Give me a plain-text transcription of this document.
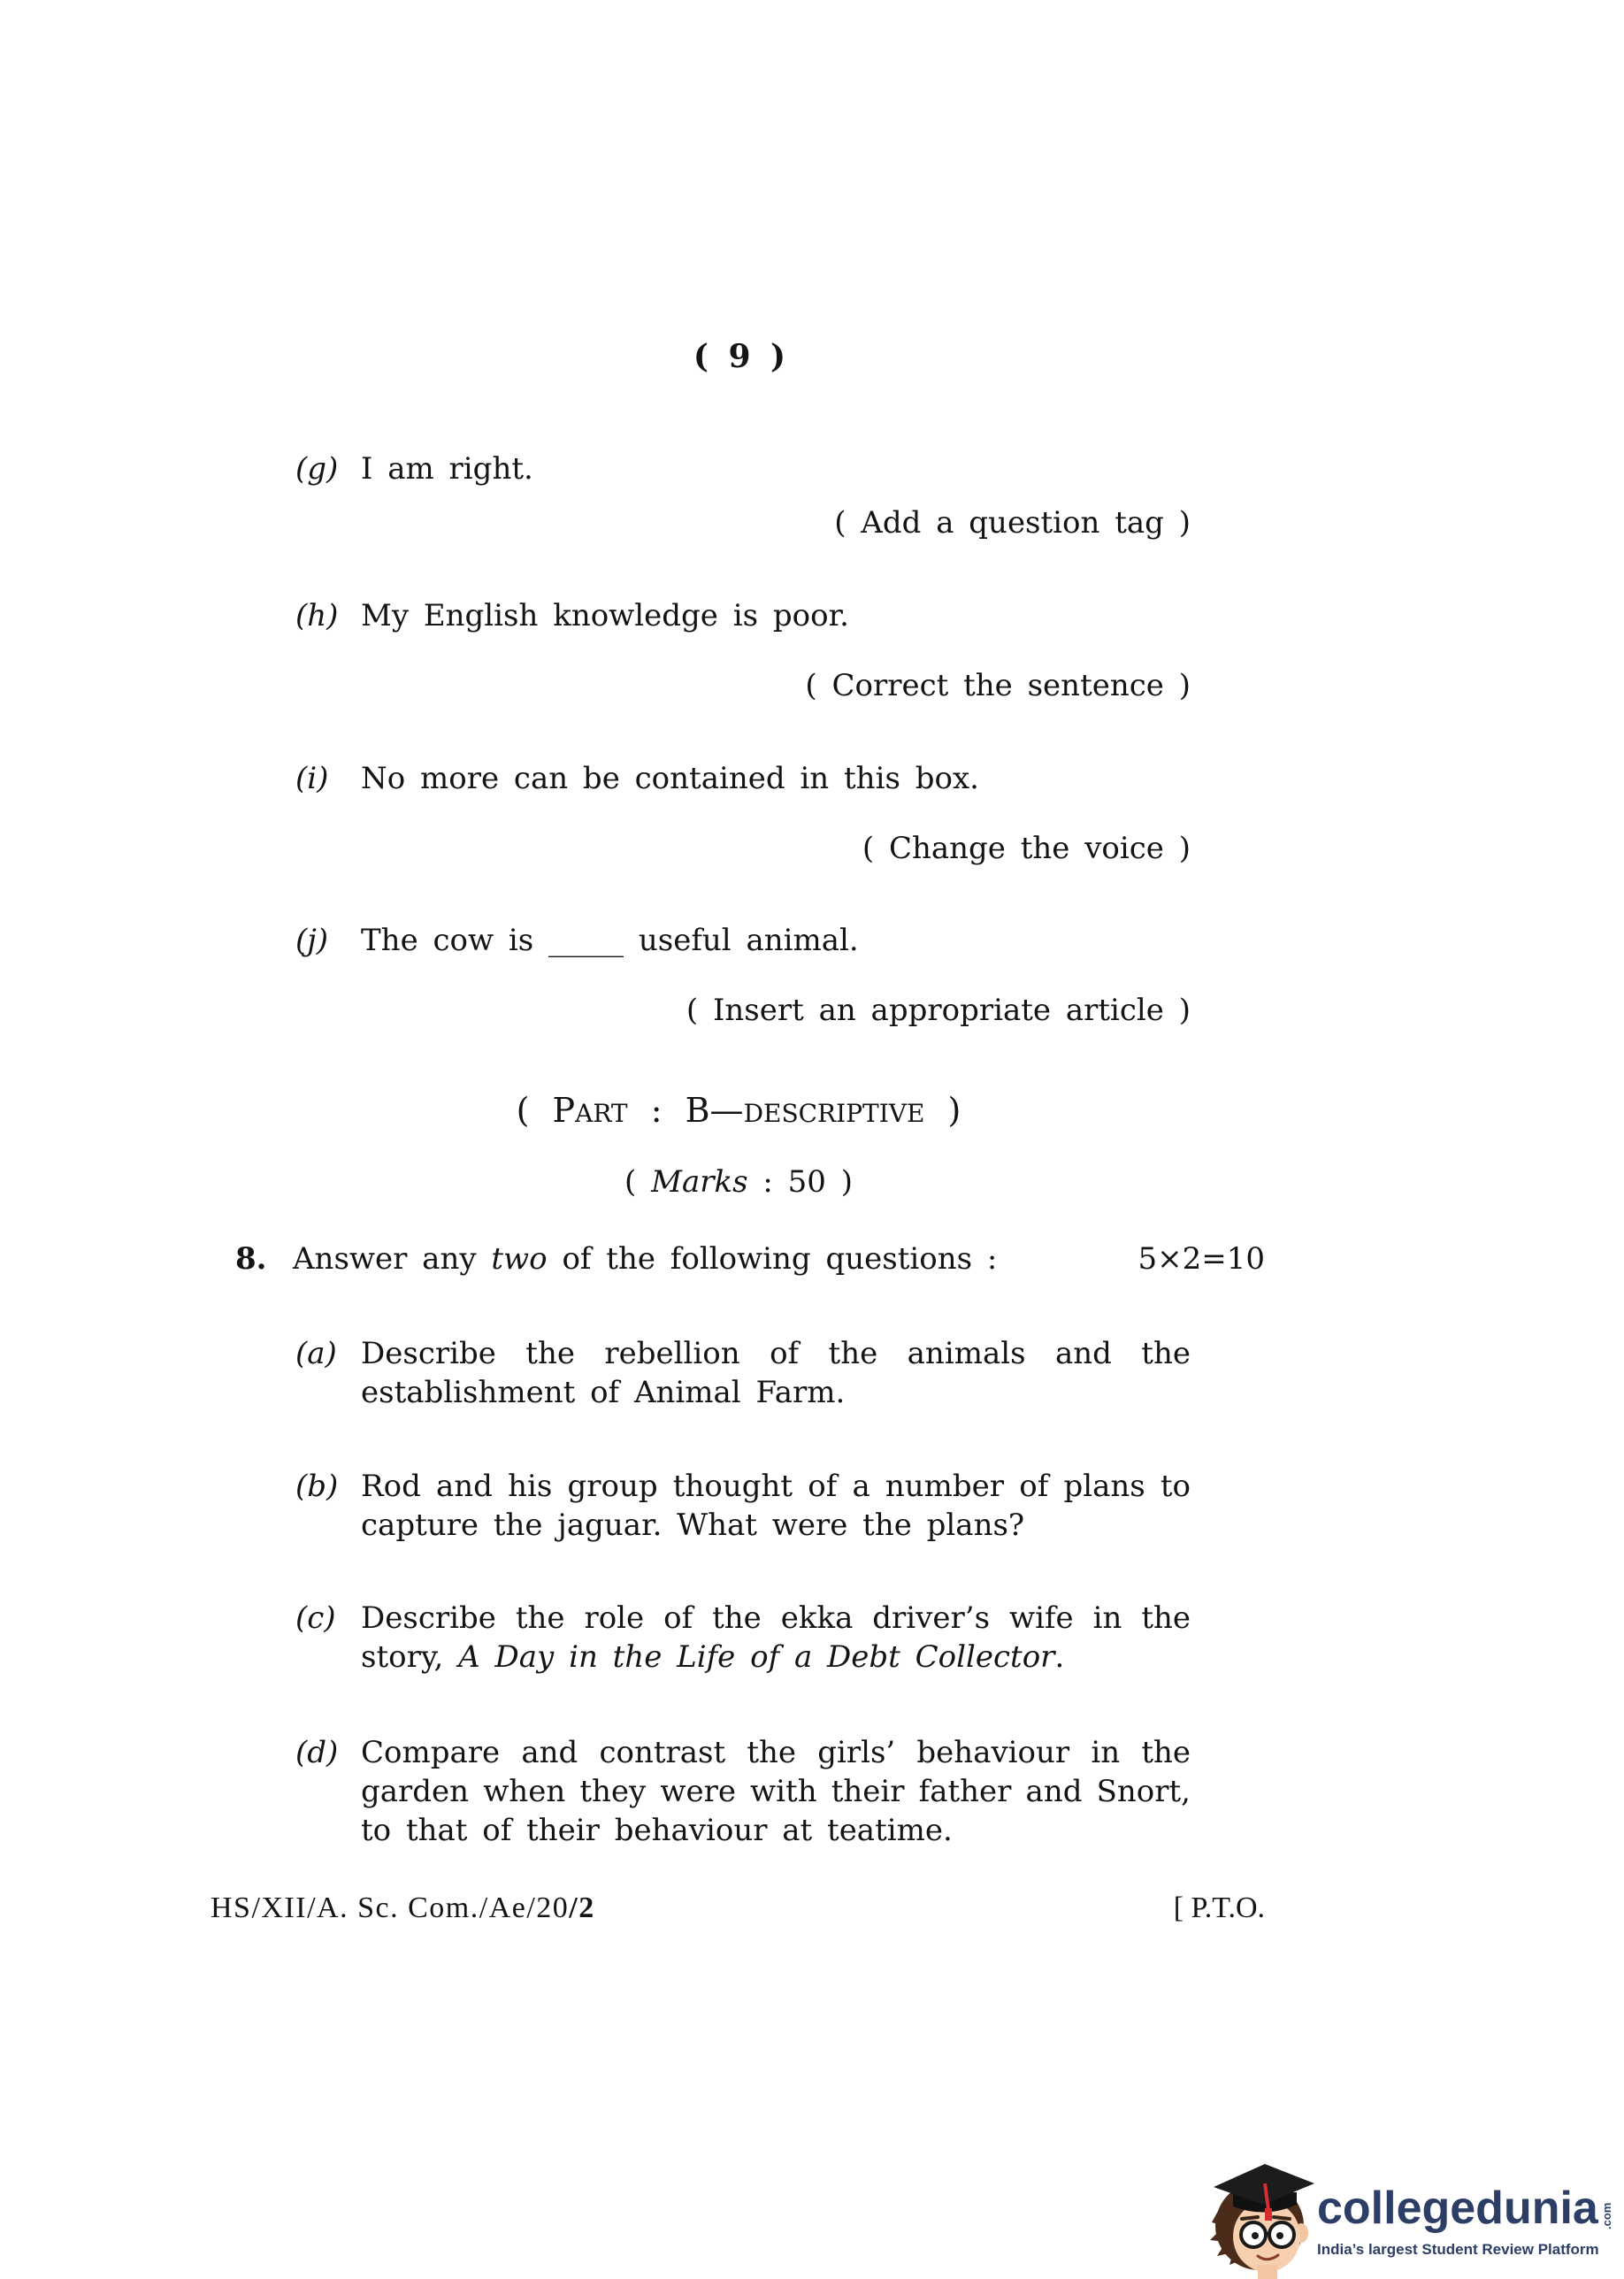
( 9 )
(g) I am right.
( Add a question tag )
(h) My English knowledge is poor.
( Correct the sentence )
(i) No more can be contained in this box.
( Change the voice )
(j) The cow is _____ useful animal.
( Insert an appropriate article )
( PART : B—DESCRIPTIVE )
( Marks : 50 )
8. Answer any two of the following questions :	5×2=10
(a) Describe the rebellion of the animals and the
establishment of Animal Farm.
(b) Rod and his group thought of a number of plans to
capture the jaguar. What were the plans?
(c) Describe the role of the ekka driver’s wife in the
story, A Day in the Life of a Debt Collector.
(d) Compare and contrast the girls’ behaviour in the
garden when they were with their father and Snort,
to that of their behaviour at teatime.
HS/XII/A. Sc. Com./Ae/20/2	[ P.T.O.
collegedunia .com
India’s largest Student Review Platform
